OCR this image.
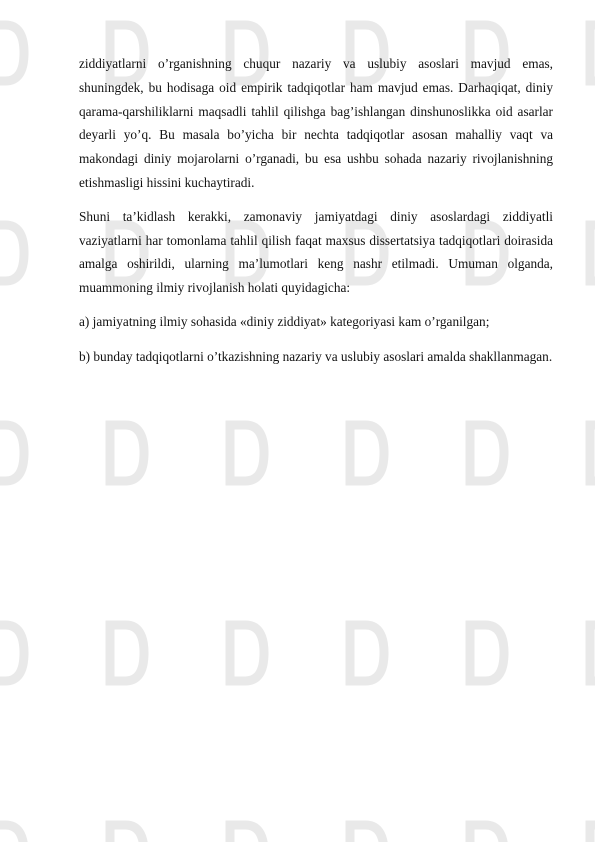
ziddiyatlarni o’rganishning chuqur nazariy va uslubiy asoslari mavjud emas, shuningdek, bu hodisaga oid empirik tadqiqotlar ham mavjud emas. Darhaqiqat, diniy qarama-qarshiliklarni maqsadli tahlil qilishga bag’ishlangan dinshunoslikka oid asarlar deyarli yo’q. Bu masala bo’yicha bir nechta tadqiqotlar asosan mahalliy vaqt va makondagi diniy mojarolarni o’rganadi, bu esa ushbu sohada nazariy rivojlanishning etishmasligi hissini kuchaytiradi.

Shuni ta’kidlash kerakki, zamonaviy jamiyatdagi diniy asoslardagi ziddiyatli vaziyatlarni har tomonlama tahlil qilish faqat maxsus dissertatsiya tadqiqotlari doirasida amalga oshirildi, ularning ma’lumotlari keng nashr etilmadi. Umuman olganda, muammoning ilmiy rivojlanish holati quyidagicha:

a) jamiyatning ilmiy sohasida «diniy ziddiyat» kategoriyasi kam o’rganilgan;

b) bunday tadqiqotlarni o’tkazishning nazariy va uslubiy asoslari amalda shakllanmagan.
